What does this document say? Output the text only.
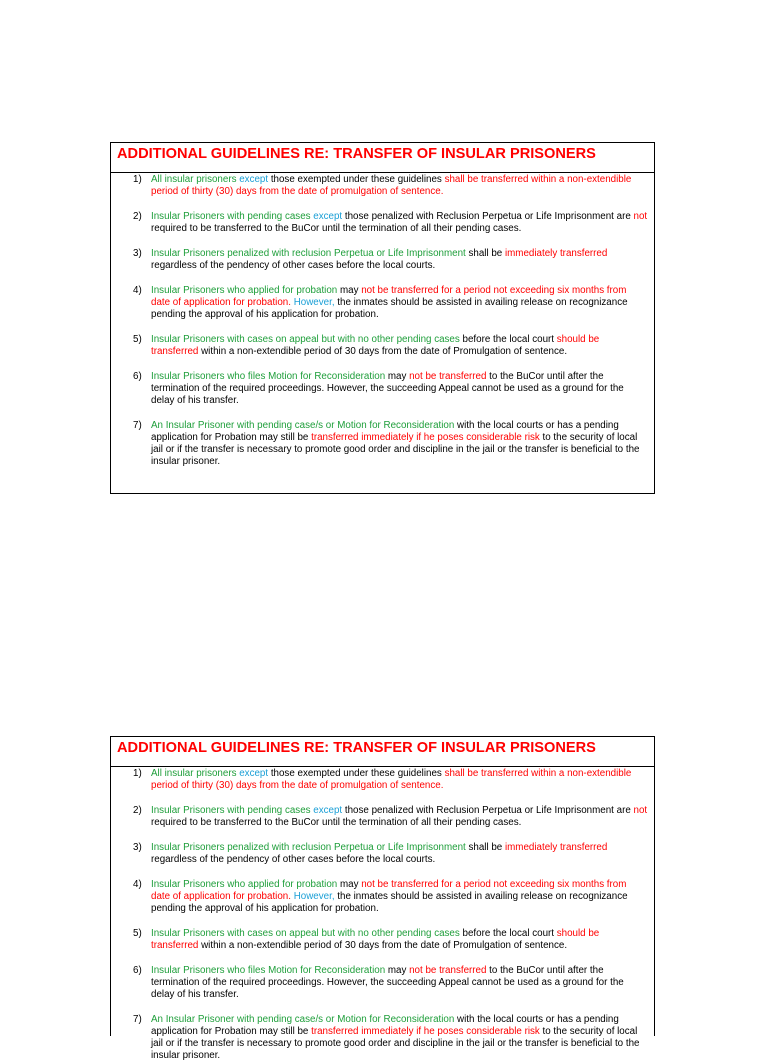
ADDITIONAL GUIDELINES RE: TRANSFER OF INSULAR PRISONERS
1) All insular prisoners except those exempted under these guidelines shall be transferred within a non-extendible period of thirty (30) days from the date of promulgation of sentence.
2) Insular Prisoners with pending cases except those penalized with Reclusion Perpetua or Life Imprisonment are not required to be transferred to the BuCor until the termination of all their pending cases.
3) Insular Prisoners penalized with reclusion Perpetua or Life Imprisonment shall be immediately transferred regardless of the pendency of other cases before the local courts.
4) Insular Prisoners who applied for probation may not be transferred for a period not exceeding six months from date of application for probation. However, the inmates should be assisted in availing release on recognizance pending the approval of his application for probation.
5) Insular Prisoners with cases on appeal but with no other pending cases before the local court should be transferred within a non-extendible period of 30 days from the date of Promulgation of sentence.
6) Insular Prisoners who files Motion for Reconsideration may not be transferred to the BuCor until after the termination of the required proceedings. However, the succeeding Appeal cannot be used as a ground for the delay of his transfer.
7) An Insular Prisoner with pending case/s or Motion for Reconsideration with the local courts or has a pending application for Probation may still be transferred immediately if he poses considerable risk to the security of local jail or if the transfer is necessary to promote good order and discipline in the jail or the transfer is beneficial to the insular prisoner.
ADDITIONAL GUIDELINES RE: TRANSFER OF INSULAR PRISONERS
1) All insular prisoners except those exempted under these guidelines shall be transferred within a non-extendible period of thirty (30) days from the date of promulgation of sentence.
2) Insular Prisoners with pending cases except those penalized with Reclusion Perpetua or Life Imprisonment are not required to be transferred to the BuCor until the termination of all their pending cases.
3) Insular Prisoners penalized with reclusion Perpetua or Life Imprisonment shall be immediately transferred regardless of the pendency of other cases before the local courts.
4) Insular Prisoners who applied for probation may not be transferred for a period not exceeding six months from date of application for probation. However, the inmates should be assisted in availing release on recognizance pending the approval of his application for probation.
5) Insular Prisoners with cases on appeal but with no other pending cases before the local court should be transferred within a non-extendible period of 30 days from the date of Promulgation of sentence.
6) Insular Prisoners who files Motion for Reconsideration may not be transferred to the BuCor until after the termination of the required proceedings. However, the succeeding Appeal cannot be used as a ground for the delay of his transfer.
7) An Insular Prisoner with pending case/s or Motion for Reconsideration with the local courts or has a pending application for Probation may still be transferred immediately if he poses considerable risk to the security of local jail or if the transfer is necessary to promote good order and discipline in the jail or the transfer is beneficial to the insular prisoner.
